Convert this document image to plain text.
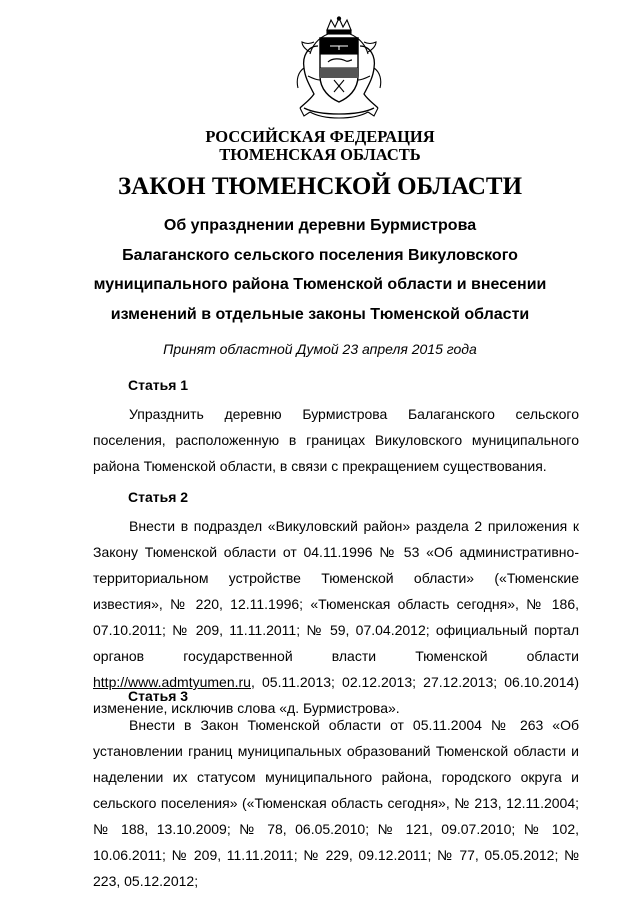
РОССИЙСКАЯ ФЕДЕРАЦИЯ
ТЮМЕНСКАЯ ОБЛАСТЬ
ЗАКОН ТЮМЕНСКОЙ ОБЛАСТИ
Об упразднении деревни Бурмистрова
Балаганского сельского поселения Викуловского
муниципального района Тюменской области и внесении
изменений в отдельные законы Тюменской области
Принят областной Думой 23 апреля 2015 года
Статья 1

Упразднить деревню Бурмистрова Балаганского сельского поселения, расположенную в границах Викуловского муниципального района Тюменской области, в связи с прекращением существования.

Статья 2

Внести в подраздел «Викуловский район» раздела 2 приложения к Закону Тюменской области от 04.11.1996 № 53 «Об административно-территориальном устройстве Тюменской области» («Тюменские известия», № 220, 12.11.1996; «Тюменская область сегодня», № 186, 07.10.2011; № 209, 11.11.2011; № 59, 07.04.2012; официальный портал органов государственной власти Тюменской области http://www.admtyumen.ru, 05.11.2013; 02.12.2013; 27.12.2013; 06.10.2014) изменение, исключив слова «д. Бурмистрова».

Статья 3

Внести в Закон Тюменской области от 05.11.2004 № 263 «Об установлении границ муниципальных образований Тюменской области и наделении их статусом муниципального района, городского округа и сельского поселения» («Тюменская область сегодня», № 213, 12.11.2004; № 188, 13.10.2009; № 78, 06.05.2010; № 121, 09.07.2010; № 102, 10.06.2011; № 209, 11.11.2011; № 229, 09.12.2011; № 77, 05.05.2012; № 223, 05.12.2012;
